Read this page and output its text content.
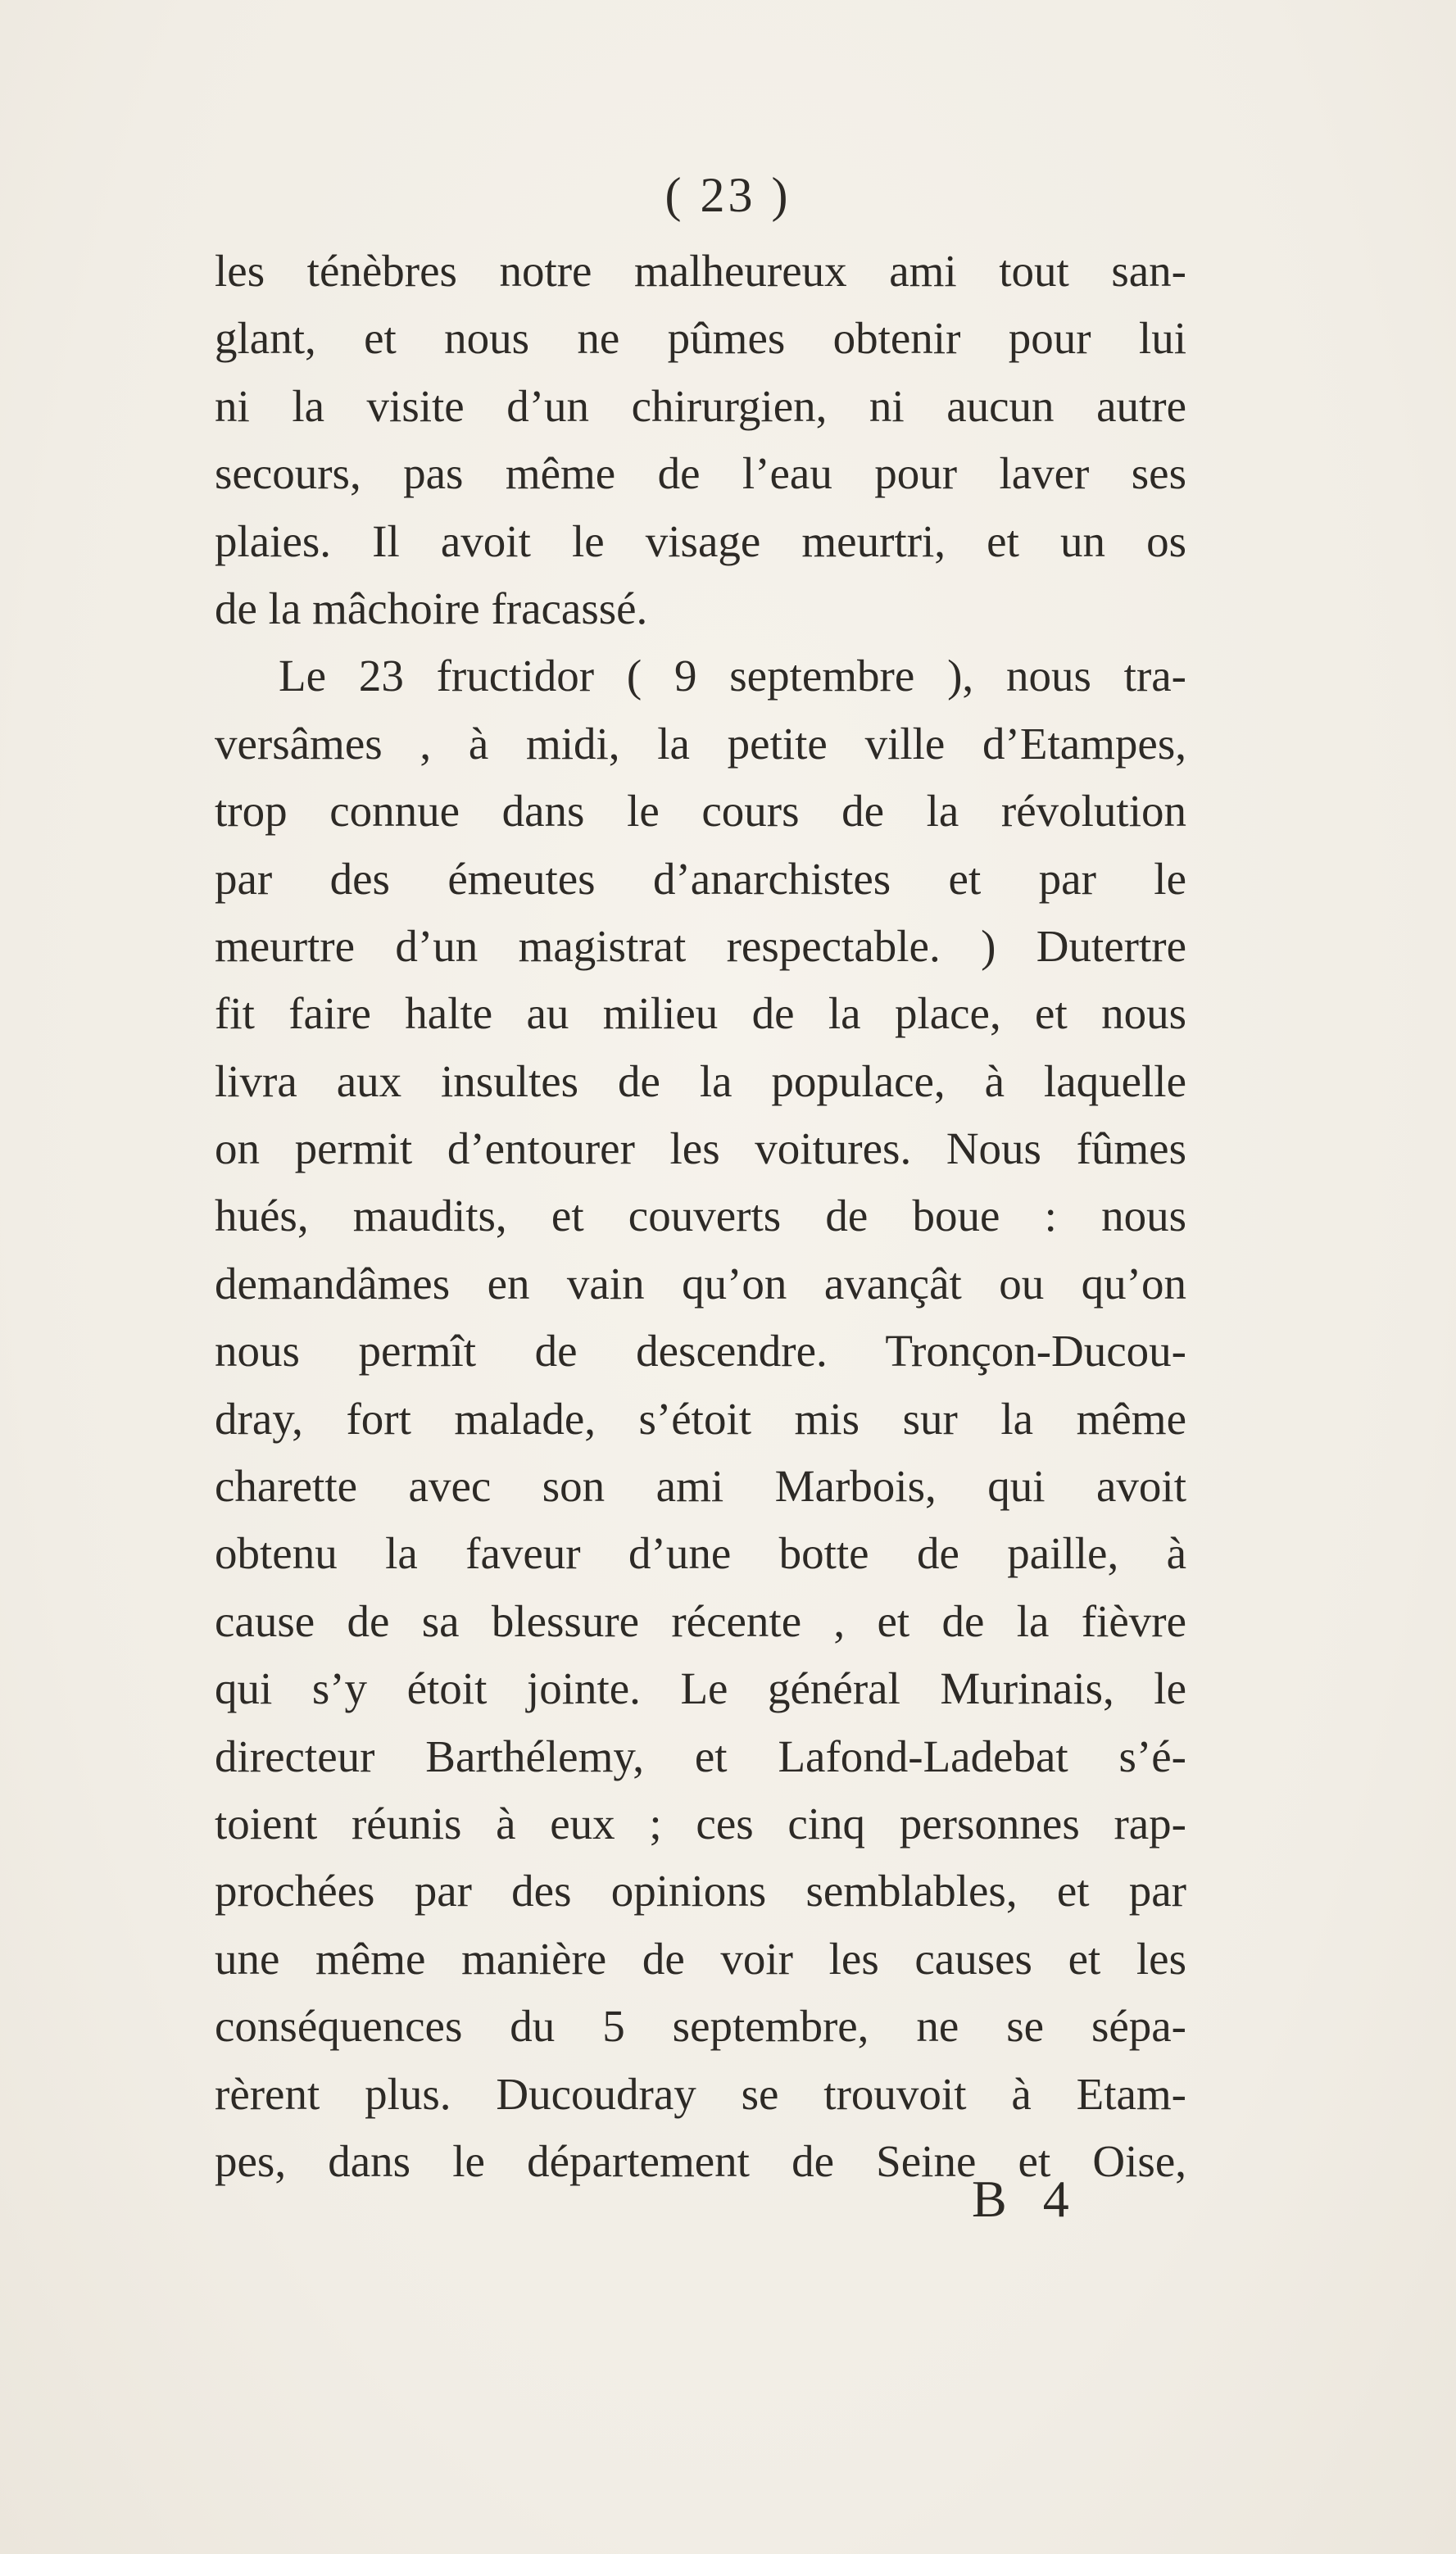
( 23 )
les ténèbres notre malheureux ami tout san-
glant, et nous ne pûmes obtenir pour lui
ni la visite d’un chirurgien, ni aucun autre
secours, pas même de l’eau pour laver ses
plaies. Il avoit le visage meurtri, et un os
de la mâchoire fracassé.
Le 23 fructidor ( 9 septembre ), nous tra-
versâmes , à midi, la petite ville d’Etampes,
trop connue dans le cours de la révolution
par des émeutes d’anarchistes et par le
meurtre d’un magistrat respectable. ) Dutertre
fit faire halte au milieu de la place, et nous
livra aux insultes de la populace, à laquelle
on permit d’entourer les voitures. Nous fûmes
hués, maudits, et couverts de boue : nous
demandâmes en vain qu’on avançât ou qu’on
nous permît de descendre. Tronçon-Ducou-
dray, fort malade, s’étoit mis sur la même
charette avec son ami Marbois, qui avoit
obtenu la faveur d’une botte de paille, à
cause de sa blessure récente , et de la fièvre
qui s’y étoit jointe. Le général Murinais, le
directeur Barthélemy, et Lafond-Ladebat s’é-
toient réunis à eux ; ces cinq personnes rap-
prochées par des opinions semblables, et par
une même manière de voir les causes et les
conséquences du 5 septembre, ne se sépa-
rèrent plus. Ducoudray se trouvoit à Etam-
pes, dans le département de Seine et Oise,
B 4
